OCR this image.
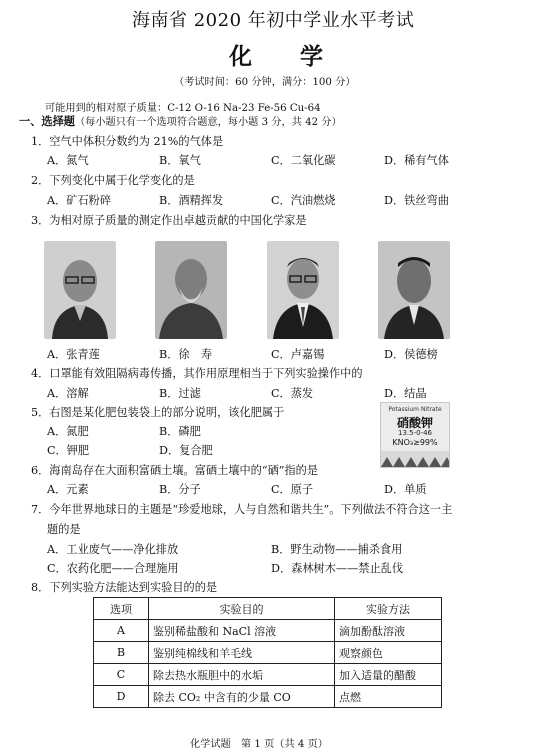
海南省 2020 年初中学业水平考试
化 学
（考试时间：60 分钟，满分：100 分）
可能用到的相对原子质量：C-12 O-16 Na-23 Fe-56 Cu-64
一、选择题（每小题只有一个选项符合题意，每小题 3 分，共 42 分）
1．空气中体积分数约为 21%的气体是
A．氮气	B．氧气	C．二氧化碳	D．稀有气体
2．下列变化中属于化学变化的是
A．矿石粉碎	B．酒精挥发	C．汽油燃烧	D．铁丝弯曲
3．为相对原子质量的测定作出卓越贡献的中国化学家是
A．张青莲	B．徐　寿	C．卢嘉锡	D．侯德榜
4．口罩能有效阻隔病毒传播，其作用原理相当于下列实验操作中的
A．溶解	B．过滤	C．蒸发	D．结晶
5．右图是某化肥包装袋上的部分说明，该化肥属于
A．氮肥	B．磷肥
C．钾肥	D．复合肥
Potassium Nitrate
硝酸钾
13.5-0-46
KNO₃≥99%
6．海南岛存在大面积富硒土壤。富硒土壤中的“硒”指的是
A．元素	B．分子	C．原子	D．单质
7．今年世界地球日的主题是“珍爱地球，人与自然和谐共生”。下列做法不符合这一主
题的是
A．工业废气——净化排放	B．野生动物——捕杀食用
C．农药化肥——合理施用	D．森林树木——禁止乱伐
8．下列实验方法能达到实验目的的是
选项	实验目的	实验方法
A	鉴别稀盐酸和 NaCl 溶液	滴加酚酞溶液
B	鉴别纯棉线和羊毛线	观察颜色
C	除去热水瓶胆中的水垢	加入适量的醋酸
D	除去 CO₂ 中含有的少量 CO	点燃
化学试题　第 1 页（共 4 页）
